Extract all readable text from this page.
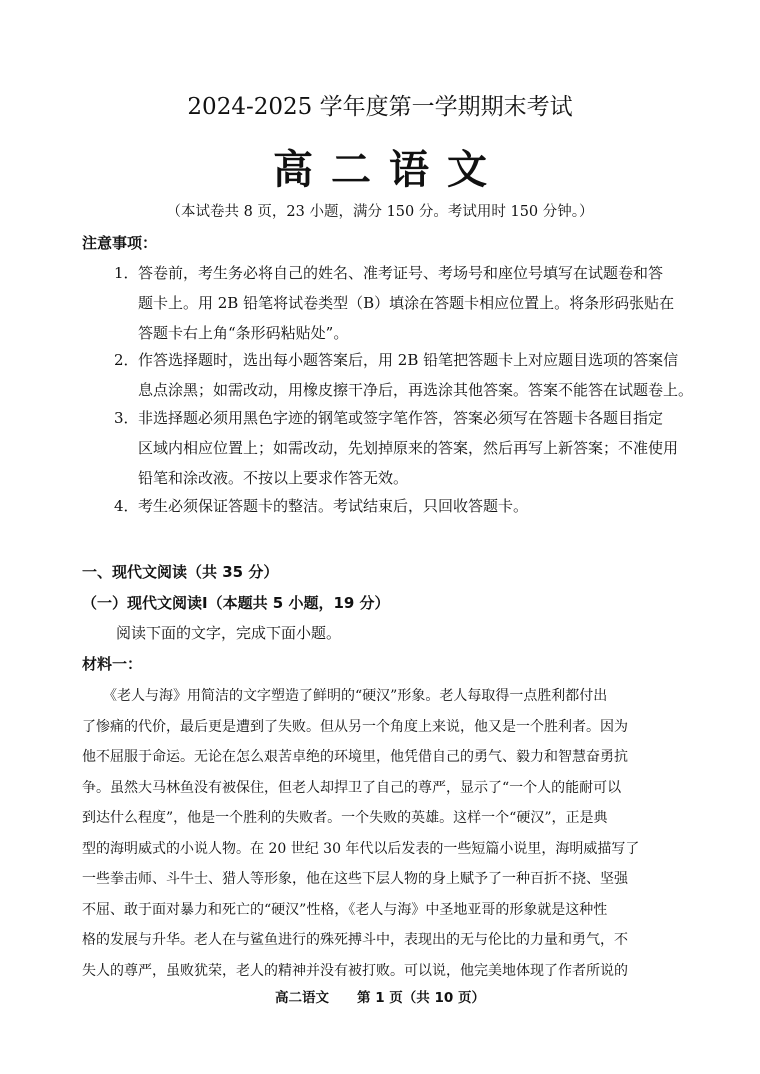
2024-2025 学年度第一学期期末考试
高二语文
（本试卷共 8 页，23 小题，满分 150 分。考试用时 150 分钟。）
注意事项：
1． 答卷前，考生务必将自己的姓名、准考证号、考场号和座位号填写在试题卷和答

题卡上。用 2B 铅笔将试卷类型（B）填涂在答题卡相应位置上。将条形码张贴在

答题卡右上角“条形码粘贴处”。

2． 作答选择题时，选出每小题答案后，用 2B 铅笔把答题卡上对应题目选项的答案信

息点涂黑；如需改动，用橡皮擦干净后，再选涂其他答案。答案不能答在试题卷上。

3． 非选择题必须用黑色字迹的钢笔或签字笔作答，答案必须写在答题卡各题目指定

区域内相应位置上；如需改动，先划掉原来的答案，然后再写上新答案；不准使用

铅笔和涂改液。不按以上要求作答无效。

4． 考生必须保证答题卡的整洁。考试结束后，只回收答题卡。

一、现代文阅读（共 35 分）
（一）现代文阅读Ⅰ（本题共 5 小题，19 分）
阅读下面的文字，完成下面小题。
材料一：

　　《老人与海》用简洁的文字塑造了鲜明的“硬汉”形象。老人每取得一点胜利都付出

了惨痛的代价，最后更是遭到了失败。但从另一个角度上来说，他又是一个胜利者。因为

他不屈服于命运。无论在怎么艰苦卓绝的环境里，他凭借自己的勇气、毅力和智慧奋勇抗

争。虽然大马林鱼没有被保住，但老人却捍卫了自己的尊严，显示了“一个人的能耐可以

到达什么程度”，他是一个胜利的失败者。一个失败的英雄。这样一个“硬汉”，正是典

型的海明威式的小说人物。在 20 世纪 30 年代以后发表的一些短篇小说里，海明威描写了

一些拳击师、斗牛士、猎人等形象，他在这些下层人物的身上赋予了一种百折不挠、坚强

不屈、敢于面对暴力和死亡的“硬汉”性格，《老人与海》中圣地亚哥的形象就是这种性

格的发展与升华。老人在与鲨鱼进行的殊死搏斗中，表现出的无与伦比的力量和勇气，不

失人的尊严，虽败犹荣，老人的精神并没有被打败。可以说，他完美地体现了作者所说的

高二语文 第 1 页（共 10 页）
